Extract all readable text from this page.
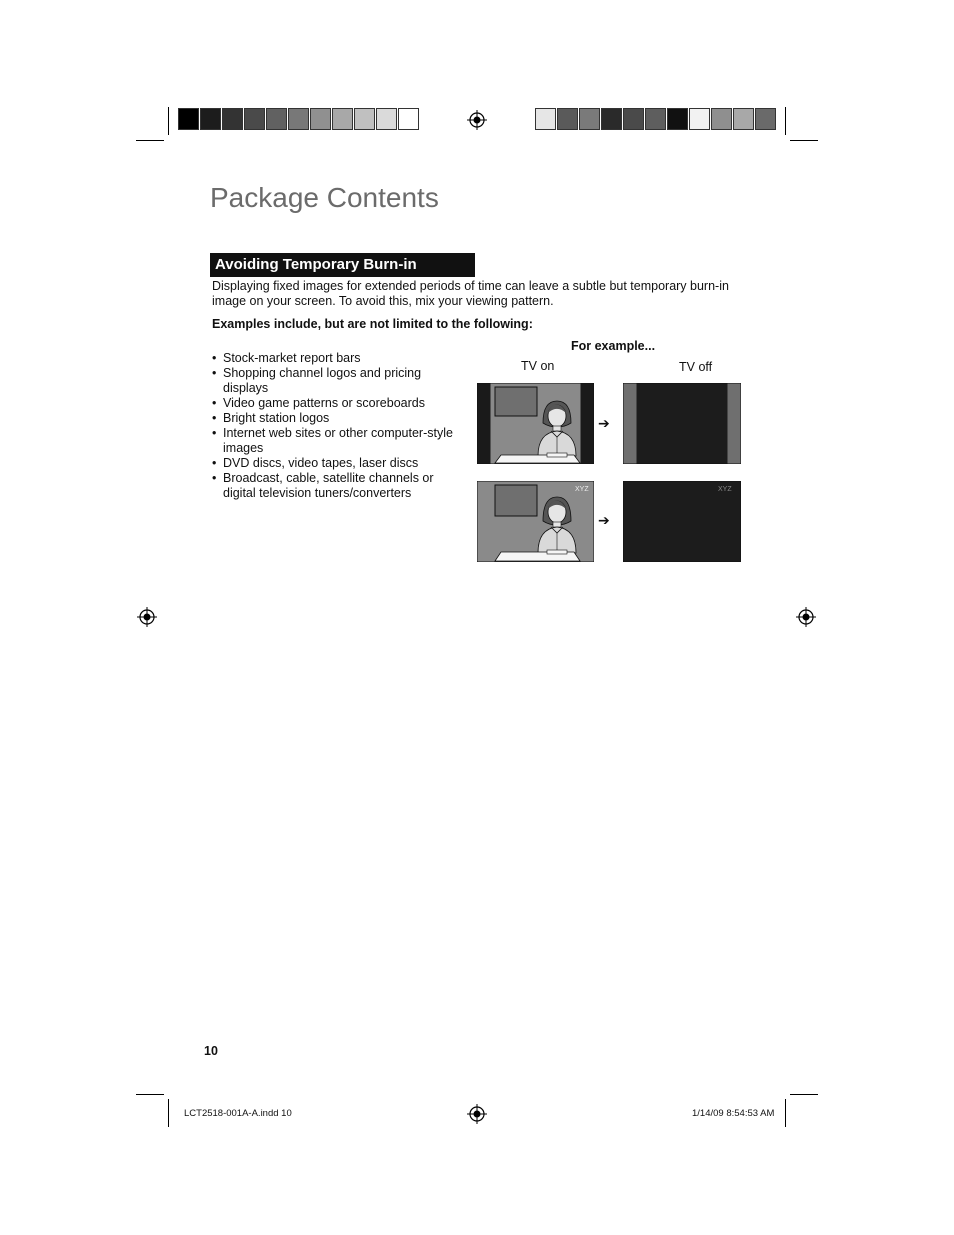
Package Contents
Avoiding Temporary Burn-in
Displaying fixed images for extended periods of time can leave a subtle but temporary burn-in image on your screen. To avoid this, mix your viewing pattern.
Examples include, but are not limited to the following:
• Stock-market report bars
• Shopping channel logos and pricing displays
• Video game patterns or scoreboards
• Bright station logos
• Internet web sites or other computer-style images
• DVD discs, video tapes, laser discs
• Broadcast, cable, satellite channels or digital television tuners/converters
For example...
TV on	TV off
➔
XYZ
➔
XYZ
10
LCT2518-001A-A.indd 10	1/14/09 8:54:53 AM
